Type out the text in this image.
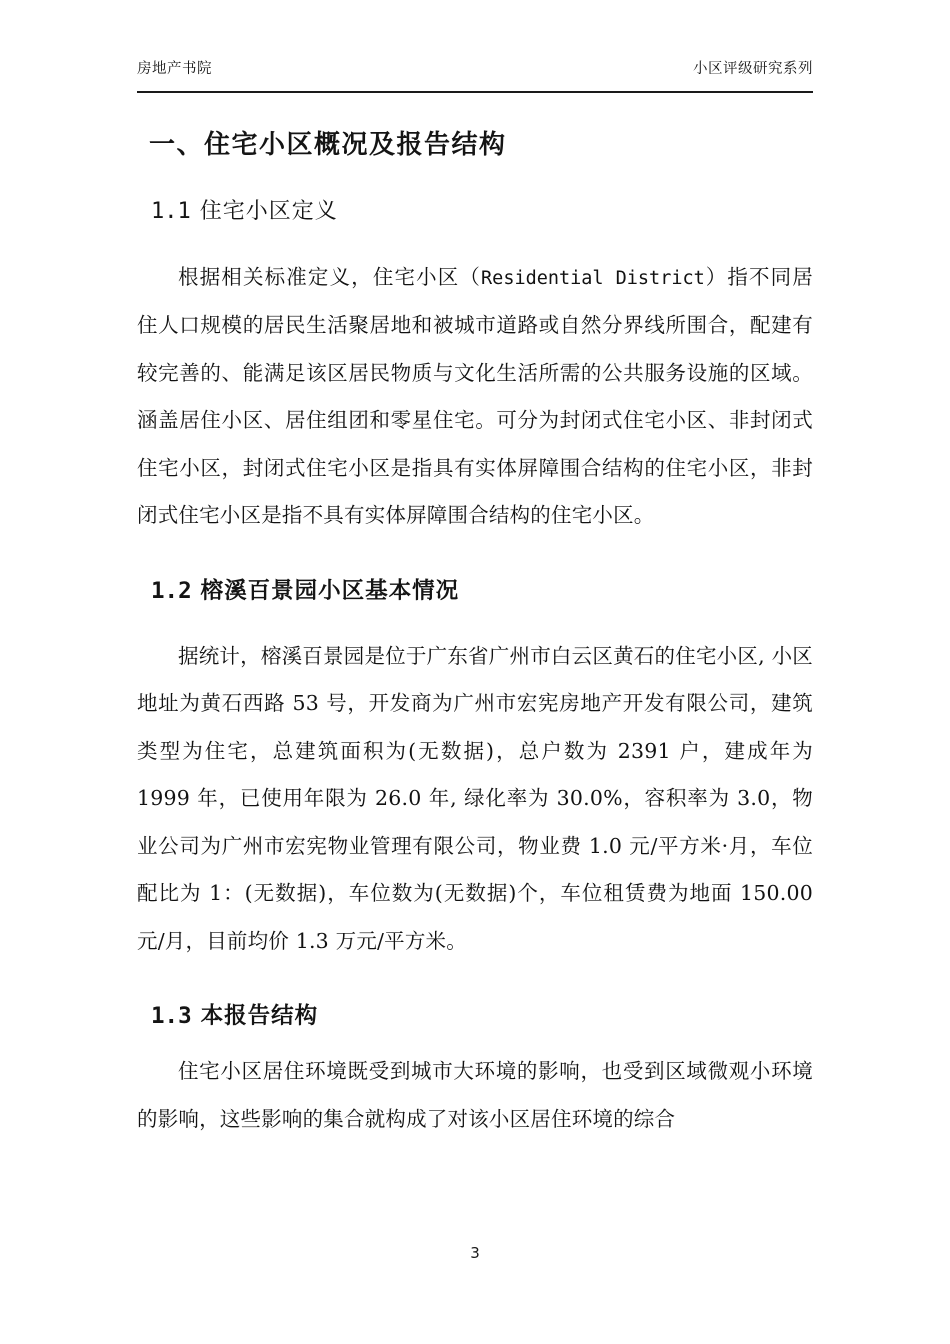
房地产书院	小区评级研究系列
一、住宅小区概况及报告结构
1.1 住宅小区定义

根据相关标准定义，住宅小区（Residential District）指不同居住人口规模的居民生活聚居地和被城市道路或自然分界线所围合，配建有较完善的、能满足该区居民物质与文化生活所需的公共服务设施的区域。涵盖居住小区、居住组团和零星住宅。可分为封闭式住宅小区、非封闭式住宅小区，封闭式住宅小区是指具有实体屏障围合结构的住宅小区，非封闭式住宅小区是指不具有实体屏障围合结构的住宅小区。

1.2 榕溪百景园小区基本情况

据统计，榕溪百景园是位于广东省广州市白云区黄石的住宅小区, 小区地址为黄石西路 53 号，开发商为广州市宏宪房地产开发有限公司，建筑类型为住宅，总建筑面积为(无数据)，总户数为 2391 户，建成年为 1999 年，已使用年限为 26.0 年, 绿化率为 30.0%，容积率为 3.0，物业公司为广州市宏宪物业管理有限公司，物业费 1.0 元/平方米·月，车位配比为 1：(无数据)，车位数为(无数据)个，车位租赁费为地面 150.00 元/月，目前均价 1.3 万元/平方米。

1.3 本报告结构

住宅小区居住环境既受到城市大环境的影响，也受到区域微观小环境的影响，这些影响的集合就构成了对该小区居住环境的综合

3
